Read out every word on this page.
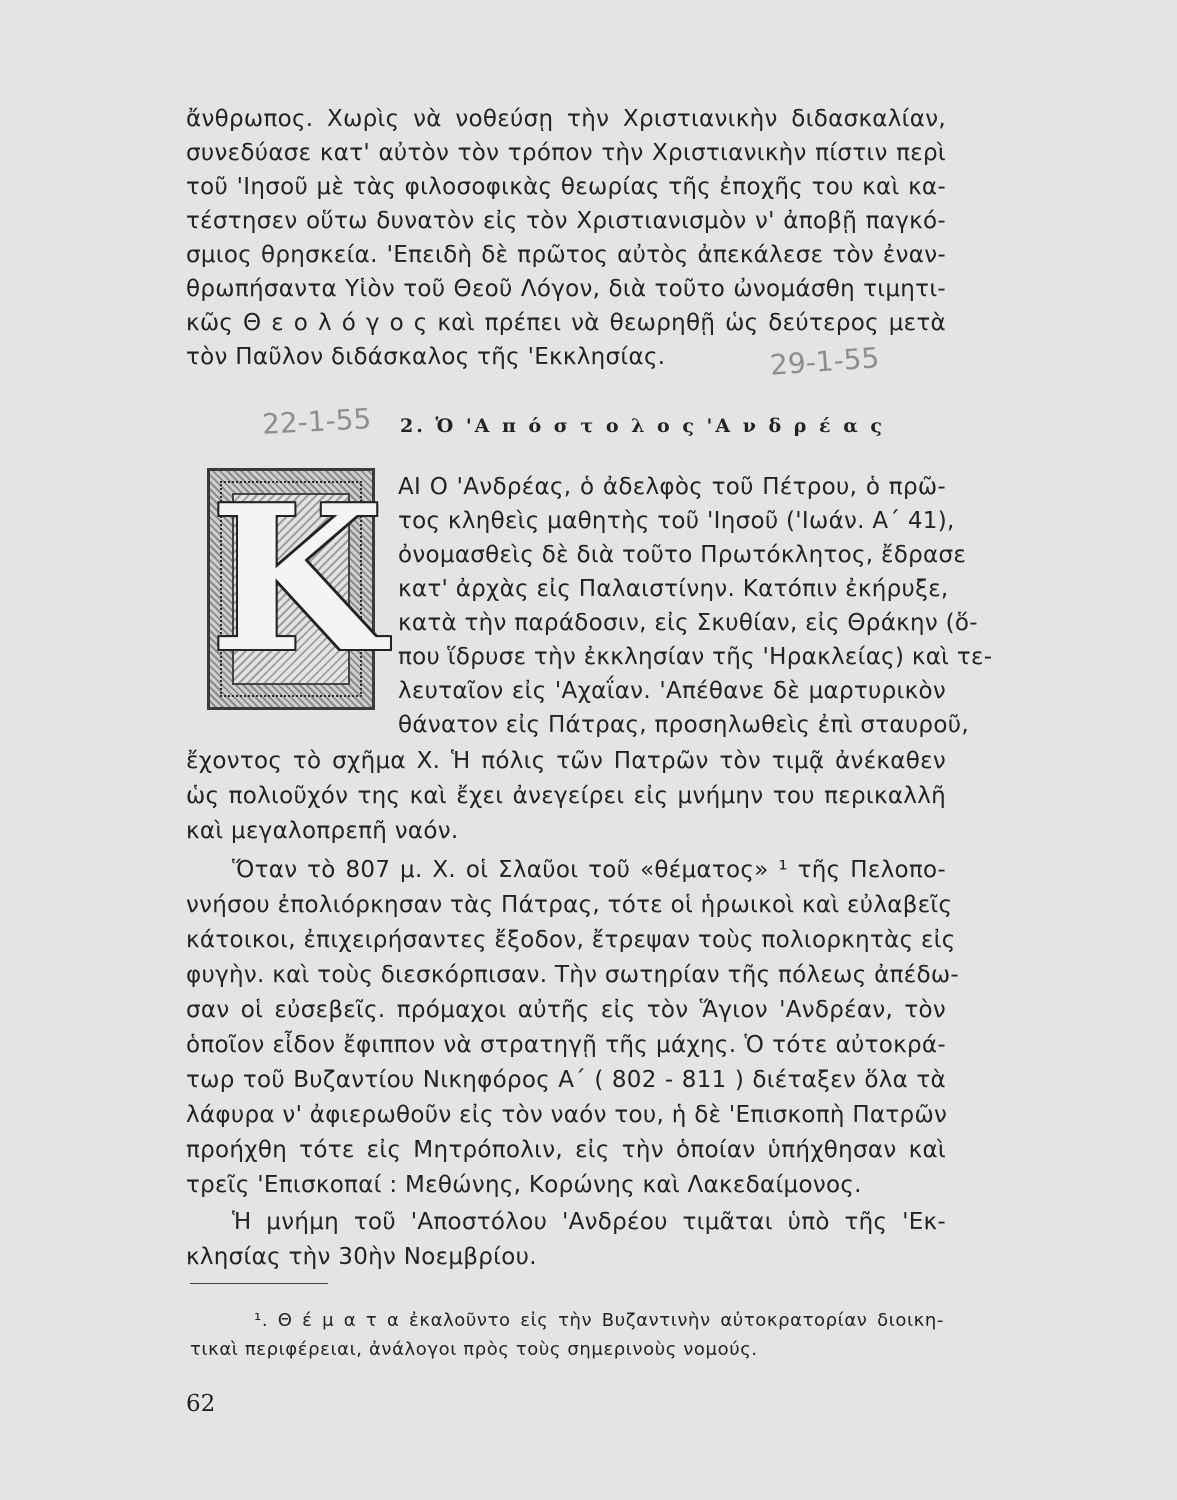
ἄνθρωπος. Χωρὶς νὰ νοθεύσῃ τὴν Χριστιανικὴν διδασκαλίαν,
συνεδύασε κατ' αὐτὸν τὸν τρόπον τὴν Χριστιανικὴν πίστιν περὶ
τοῦ 'Ιησοῦ μὲ τὰς φιλοσοφικὰς θεωρίας τῆς ἐποχῆς του καὶ κα-
τέστησεν οὕτω δυνατὸν εἰς τὸν Χριστιανισμὸν ν' ἀποβῇ παγκό-
σμιος θρησκεία. 'Επειδὴ δὲ πρῶτος αὐτὸς ἀπεκάλεσε τὸν ἐναν-
θρωπήσαντα Υἱὸν τοῦ Θεοῦ Λόγον, διὰ τοῦτο ὠνομάσθη τιμητι-
κῶς Θ ε ο λ ό γ ο ς καὶ πρέπει νὰ θεωρηθῇ ὡς δεύτερος μετὰ
τὸν Παῦλον διδάσκαλος τῆς 'Εκκλησίας.	29-1-55
22-1-55 2. Ὁ 'Α π ό σ τ ο λ ο ς 'Α ν δ ρ έ α ς
K ΑΙ Ο 'Ανδρέας, ὁ ἀδελφὸς τοῦ Πέτρου, ὁ πρῶ-
τος κληθεὶς μαθητὴς τοῦ 'Ιησοῦ ('Ιωάν. Α΄ 41),
ὀνομασθεὶς δὲ διὰ τοῦτο Πρωτόκλητος, ἔδρασε
κατ' ἀρχὰς εἰς Παλαιστίνην. Κατόπιν ἐκήρυξε,
κατὰ τὴν παράδοσιν, εἰς Σκυθίαν, εἰς Θράκην (ὅ-
που ἵδρυσε τὴν ἐκκλησίαν τῆς 'Ηρακλείας) καὶ τε-
λευταῖον εἰς 'Αχαΐαν. 'Απέθανε δὲ μαρτυρικὸν
θάνατον εἰς Πάτρας, προσηλωθεὶς ἐπὶ σταυροῦ,
ἔχοντος τὸ σχῆμα Χ. Ἡ πόλις τῶν Πατρῶν τὸν τιμᾷ ἀνέκαθεν
ὡς πολιοῦχόν της καὶ ἔχει ἀνεγείρει εἰς μνήμην του περικαλλῆ
καὶ μεγαλοπρεπῆ ναόν.
Ὅταν τὸ 807 μ. Χ. οἱ Σλαῦοι τοῦ «θέματος» ¹ τῆς Πελοπο-
ννήσου ἐπολιόρκησαν τὰς Πάτρας, τότε οἱ ἡρωικοὶ καὶ εὐλαβεῖς
κάτοικοι, ἐπιχειρήσαντες ἔξοδον, ἔτρεψαν τοὺς πολιορκητὰς εἰς
φυγὴν. καὶ τοὺς διεσκόρπισαν. Τὴν σωτηρίαν τῆς πόλεως ἀπέδω-
σαν οἱ εὐσεβεῖς. πρόμαχοι αὐτῆς εἰς τὸν Ἅγιον 'Ανδρέαν, τὸν
ὁποῖον εἶδον ἔφιππον νὰ στρατηγῇ τῆς μάχης. Ὁ τότε αὐτοκρά-
τωρ τοῦ Βυζαντίου Νικηφόρος Α΄ ( 802 - 811 ) διέταξεν ὅλα τὰ
λάφυρα ν' ἀφιερωθοῦν εἰς τὸν ναόν του, ἡ δὲ 'Επισκοπὴ Πατρῶν
προήχθη τότε εἰς Μητρόπολιν, εἰς τὴν ὁποίαν ὑπήχθησαν καὶ
τρεῖς 'Επισκοπαί : Μεθώνης, Κορώνης καὶ Λακεδαίμονος.
Ἡ μνήμη τοῦ 'Αποστόλου 'Ανδρέου τιμᾶται ὑπὸ τῆς 'Εκ-
κλησίας τὴν 30ὴν Νοεμβρίου.
¹. Θ έ μ α τ α ἐκαλοῦντο εἰς τὴν Βυζαντινὴν αὐτοκρατορίαν διοικη-
τικαὶ περιφέρειαι, ἀνάλογοι πρὸς τοὺς σημερινοὺς νομούς.
62
